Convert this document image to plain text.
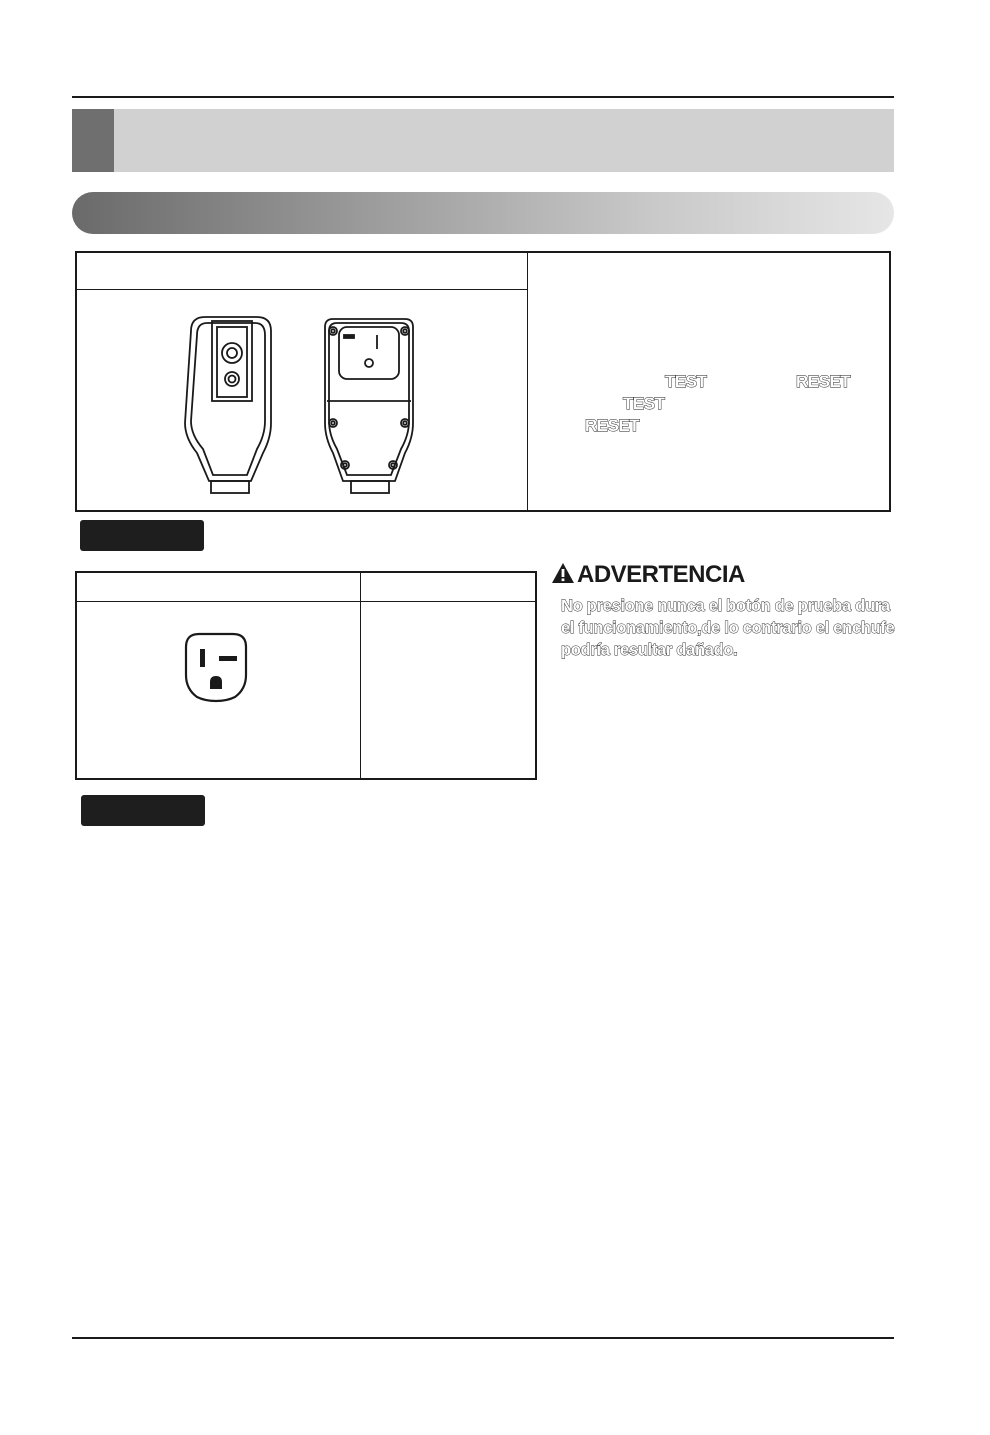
TEST	RESET
TEST
RESET
ADVERTENCIA
No presione nunca el botón de prueba dura
el funcionamiento,de lo contrario el enchufe
podría resultar dañado.
